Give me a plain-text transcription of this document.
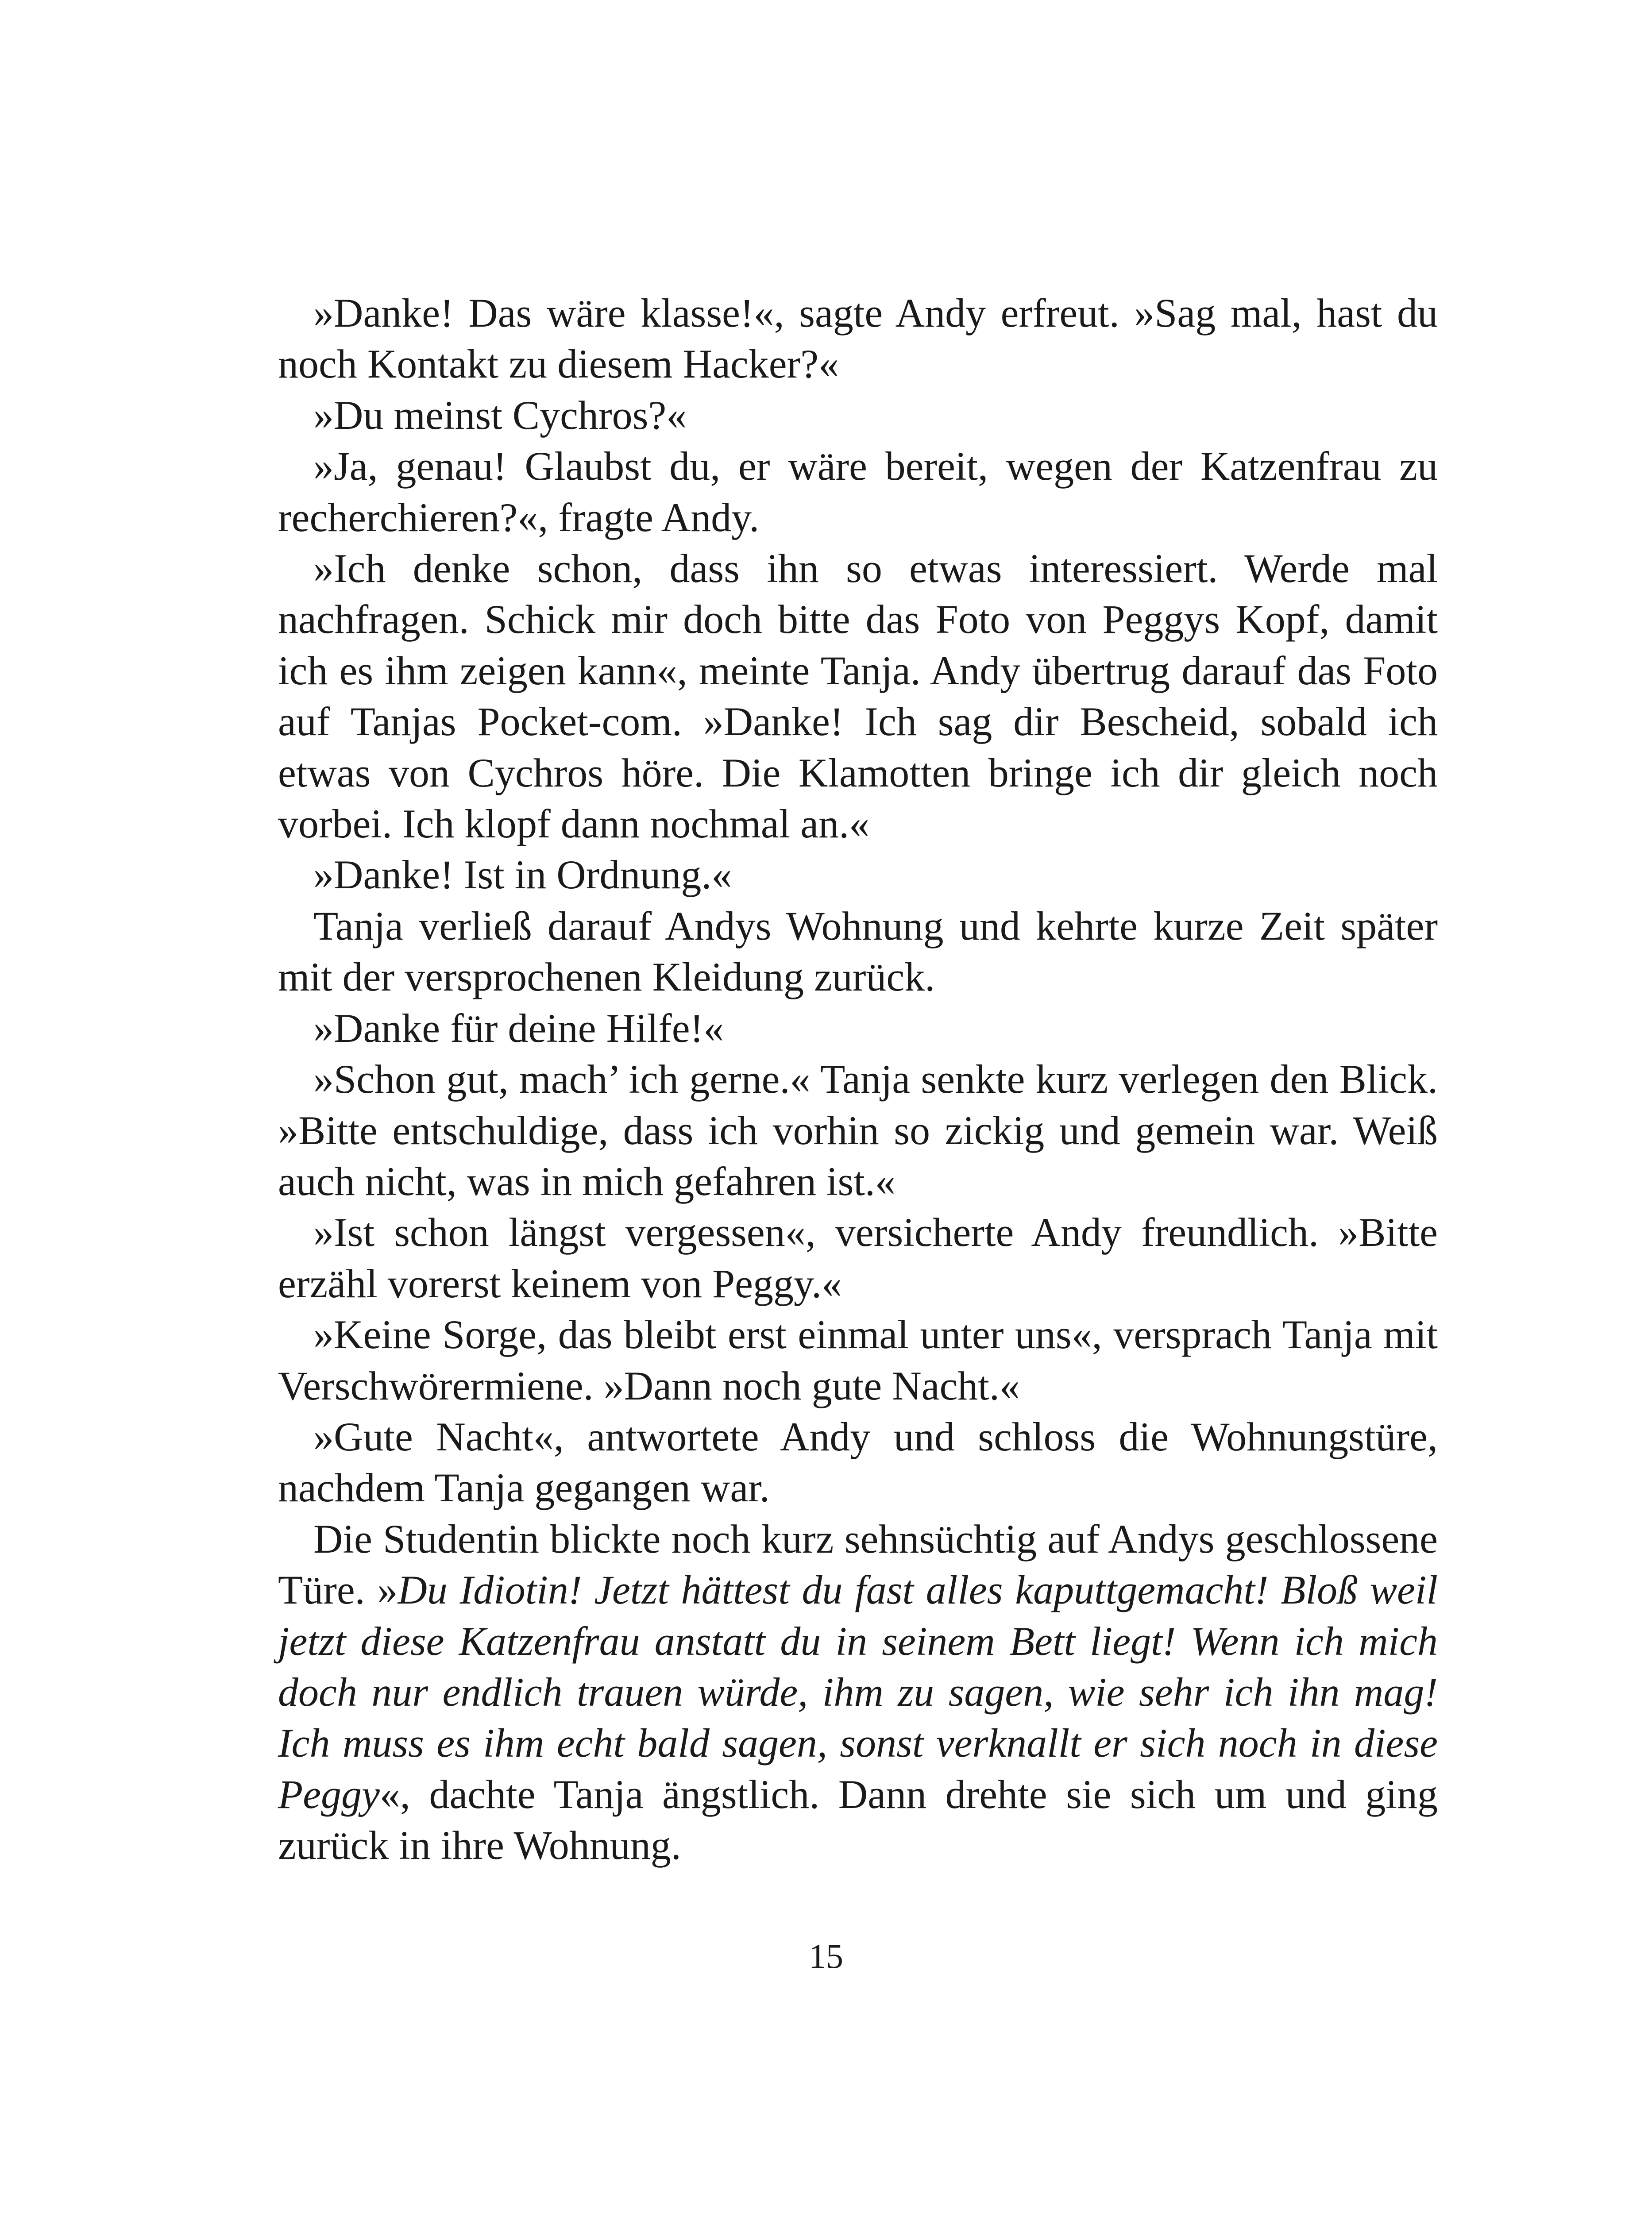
»Danke! Das wäre klasse!«, sagte Andy erfreut. »Sag mal, hast du noch Kontakt zu diesem Hacker?«

»Du meinst Cychros?«

»Ja, genau! Glaubst du, er wäre bereit, wegen der Katzenfrau zu recherchieren?«, fragte Andy.

»Ich denke schon, dass ihn so etwas interessiert. Werde mal nachfragen. Schick mir doch bitte das Foto von Peggys Kopf, damit ich es ihm zeigen kann«, meinte Tanja. Andy übertrug darauf das Foto auf Tanjas Pocket-com. »Danke! Ich sag dir Bescheid, sobald ich etwas von Cychros höre. Die Klamotten bringe ich dir gleich noch vorbei. Ich klopf dann nochmal an.«

»Danke! Ist in Ordnung.«

Tanja verließ darauf Andys Wohnung und kehrte kurze Zeit später mit der versprochenen Kleidung zurück.

»Danke für deine Hilfe!«

»Schon gut, mach’ ich gerne.« Tanja senkte kurz verlegen den Blick. »Bitte entschuldige, dass ich vorhin so zickig und gemein war. Weiß auch nicht, was in mich gefahren ist.«

»Ist schon längst vergessen«, versicherte Andy freundlich. »Bitte erzähl vorerst keinem von Peggy.«

»Keine Sorge, das bleibt erst einmal unter uns«, versprach Tanja mit Verschwörermiene. »Dann noch gute Nacht.«

»Gute Nacht«, antwortete Andy und schloss die Wohnungstüre, nachdem Tanja gegangen war.

Die Studentin blickte noch kurz sehnsüchtig auf Andys geschlossene Türe. »Du Idiotin! Jetzt hättest du fast alles kaputtgemacht! Bloß weil jetzt diese Katzenfrau anstatt du in seinem Bett liegt! Wenn ich mich doch nur endlich trauen würde, ihm zu sagen, wie sehr ich ihn mag! Ich muss es ihm echt bald sagen, sonst verknallt er sich noch in diese Peggy«, dachte Tanja ängstlich. Dann drehte sie sich um und ging zurück in ihre Wohnung.

15
